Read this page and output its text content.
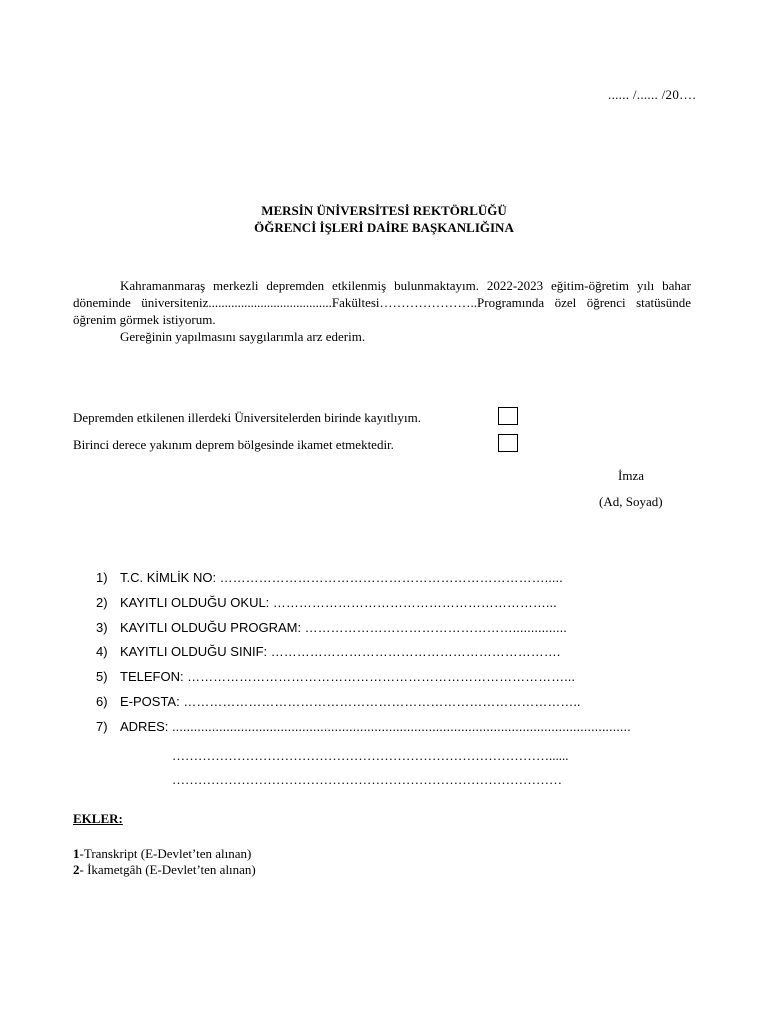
...... /...... /20….
MERSİN ÜNİVERSİTESİ REKTÖRLÜĞÜ
ÖĞRENCİ İŞLERİ DAİRE BAŞKANLIĞINA

Kahramanmaraş merkezli depremden etkilenmiş bulunmaktayım. 2022-2023 eğitim-öğretim yılı bahar döneminde üniversiteniz......................................Fakültesi…………………..Programında özel öğrenci statüsünde öğrenim görmek istiyorum.

Gereğinin yapılmasını saygılarımla arz ederim.

Depremden etkilenen illerdeki Üniversitelerden birinde kayıtlıyım.
Birinci derece yakınım deprem bölgesinde ikamet etmektedir.
İmza
(Ad, Soyad)
1) T.C. KİMLİK NO: ………………………………………………………………….....
2) KAYITLI OLDUĞU OKUL: ………………………………………………………...
3) KAYITLI OLDUĞU PROGRAM: …………………………………………...............
4) KAYITLI OLDUĞU SINIF: ………………………………………………………….
5) TELEFON: ……………………………………………………………………………...
6) E-POSTA: ………………………………………………………………………………..
7) ADRES: ...............................................................................................................................
……………………………………………………………………………......
………………………………………………………………………………
EKLER:
1-Transkript (E-Devlet’ten alınan)
2- İkametgâh (E-Devlet’ten alınan)
